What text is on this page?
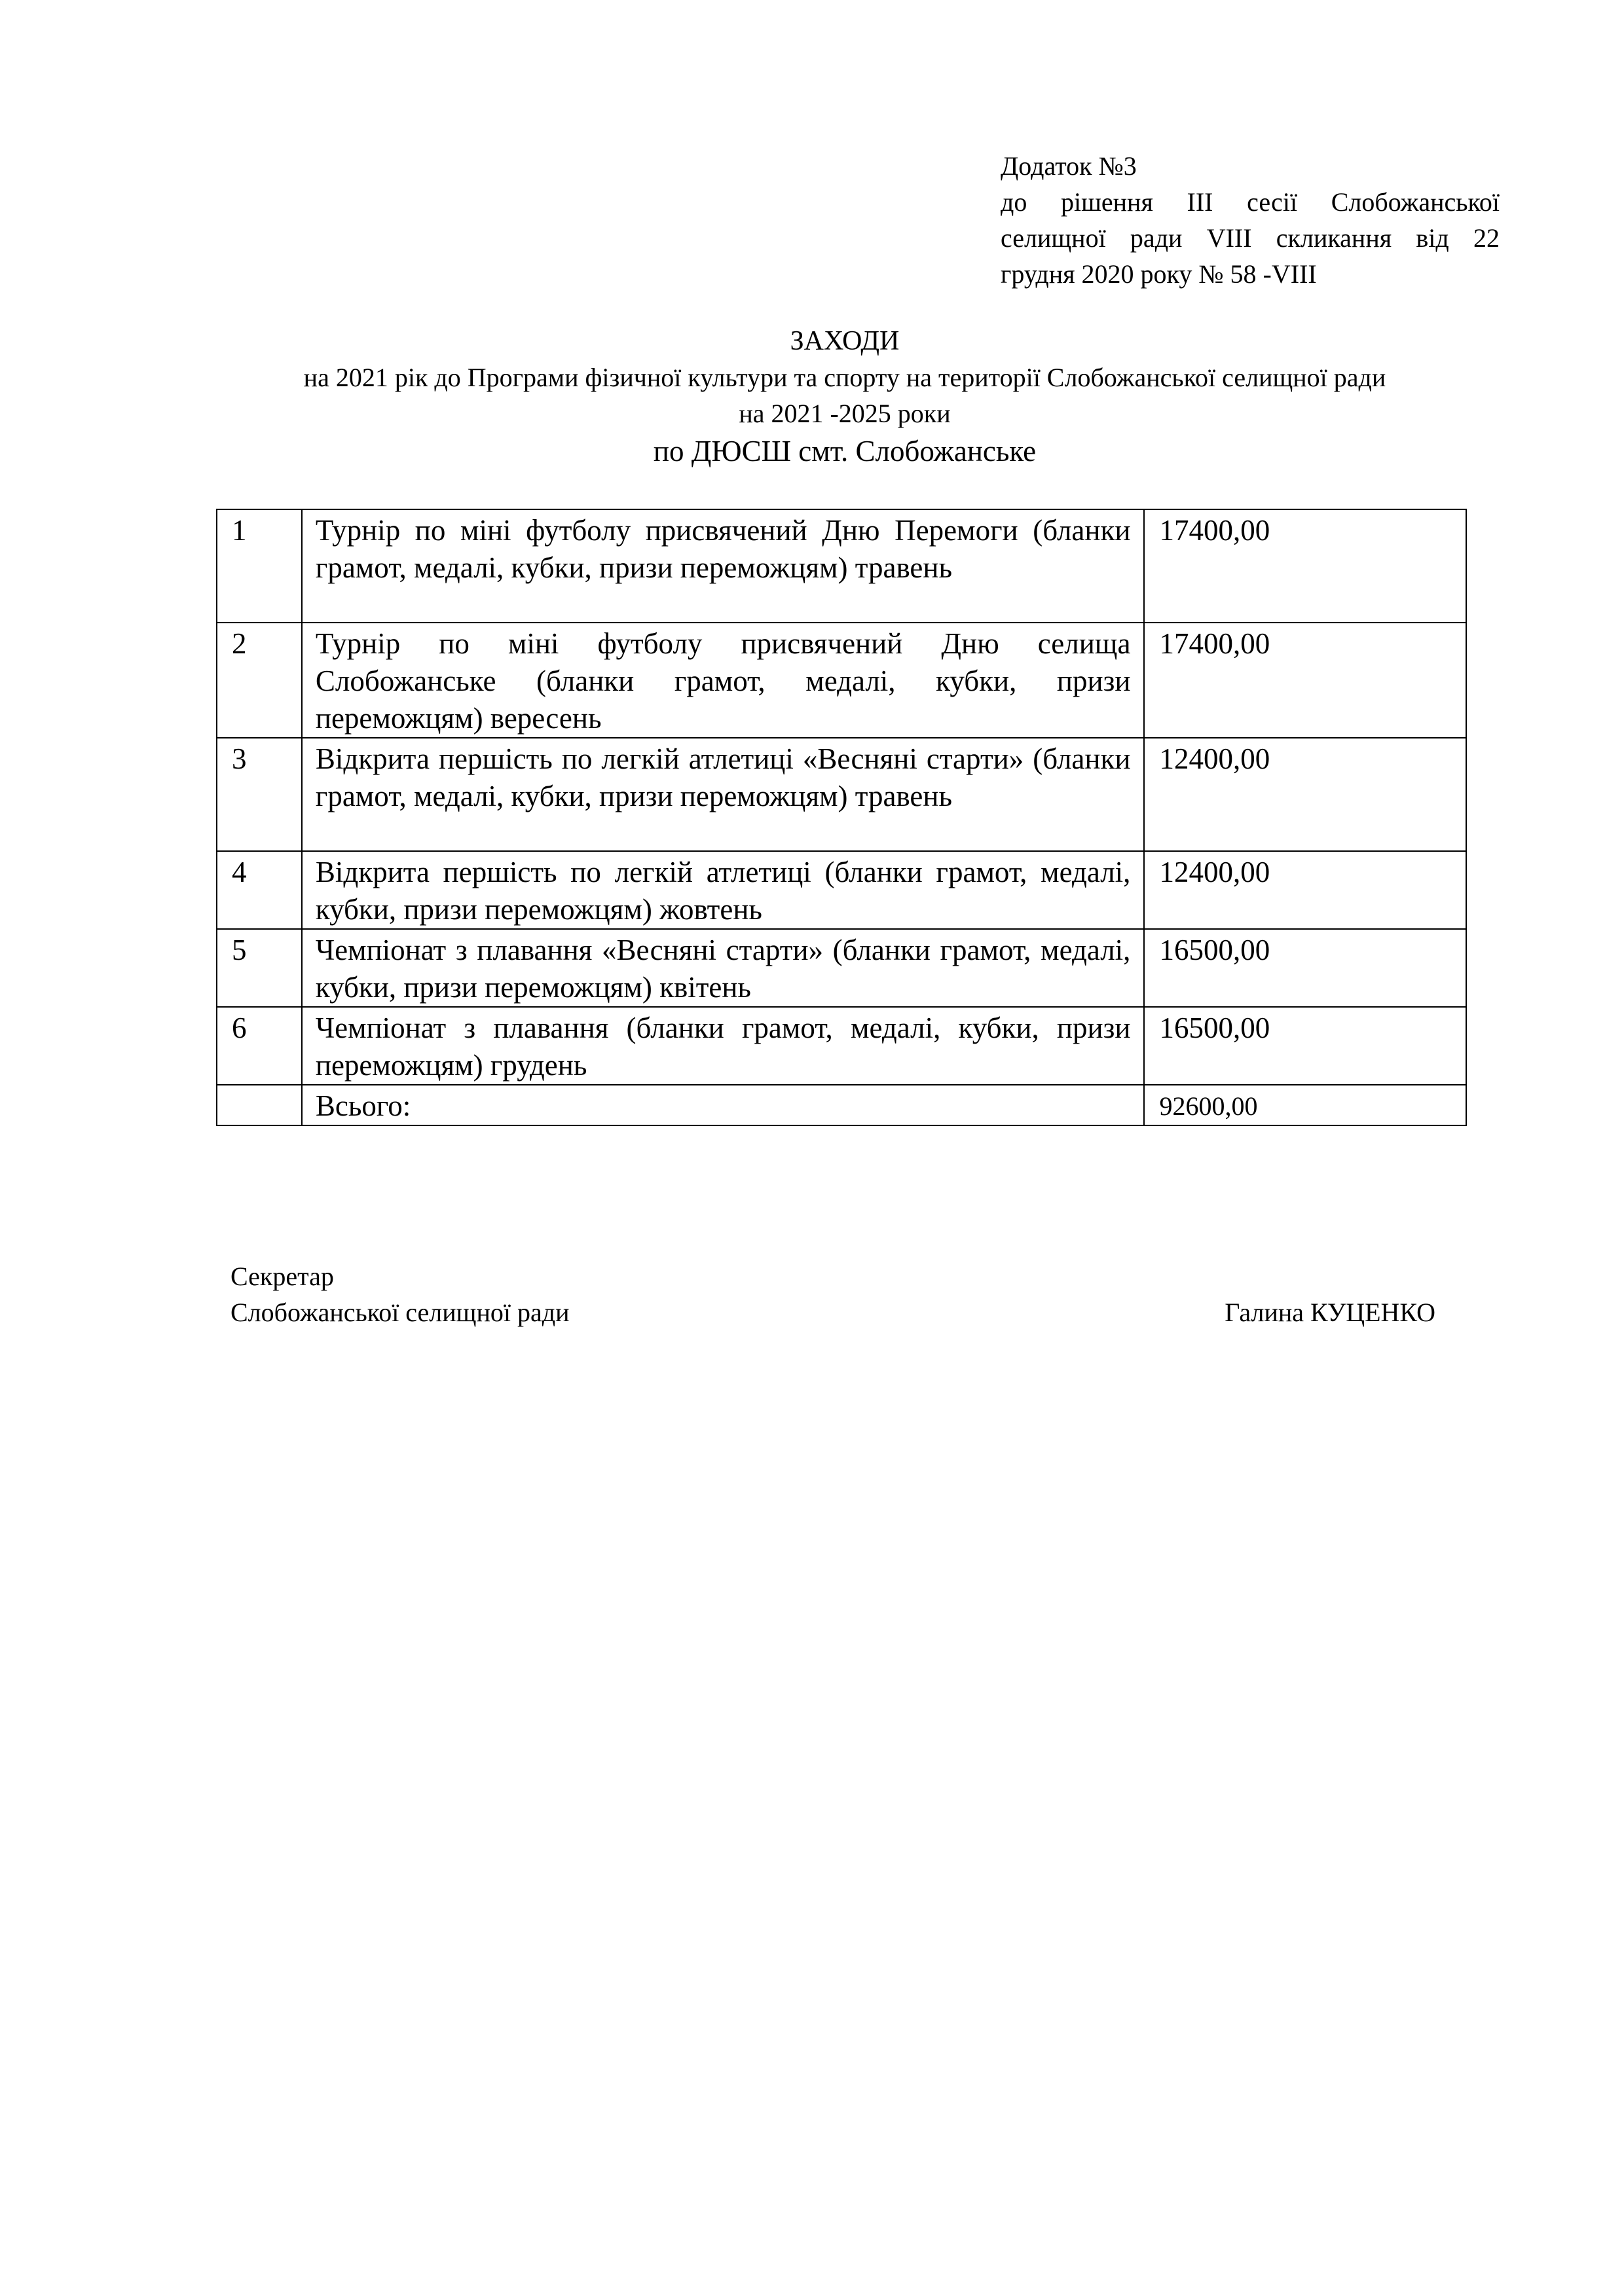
Додаток №3
до рішення ІІІ сесії Слобожанської
селищної ради VIII скликання від 22
грудня 2020 року № 58 -VIII
ЗАХОДИ
на 2021 рік до Програми фізичної культури та спорту на території Слобожанської селищної ради
на 2021 -2025 роки
по ДЮСШ смт. Слобожанське
1	Турнір по міні футболу присвячений Дню Перемоги (бланки грамот, медалі, кубки, призи переможцям) травень	17400,00
2	Турнір по міні футболу присвячений Дню селища Слобожанське (бланки грамот, медалі, кубки, призи переможцям) вересень	17400,00
3	Відкрита першість по легкій атлетиці «Весняні старти» (бланки грамот, медалі, кубки, призи переможцям) травень	12400,00
4	Відкрита першість по легкій атлетиці (бланки грамот, медалі, кубки, призи переможцям) жовтень	12400,00
5	Чемпіонат з плавання «Весняні старти» (бланки грамот, медалі, кубки, призи переможцям) квітень	16500,00
6	Чемпіонат з плавання (бланки грамот, медалі, кубки, призи переможцям) грудень	16500,00
	Всього:	92600,00
Секретар
Слобожанської селищної ради	Галина КУЦЕНКО
